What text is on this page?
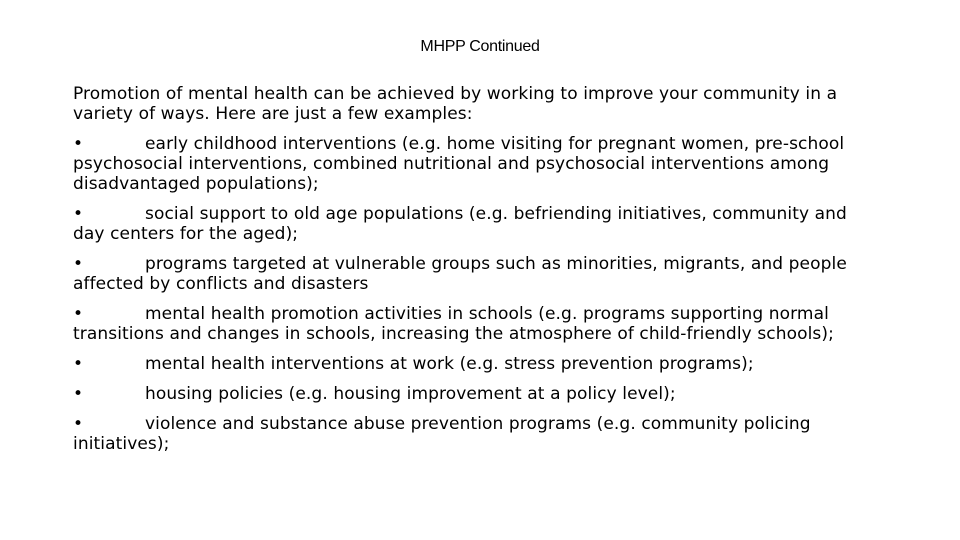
MHPP Continued

Promotion of mental health can be achieved by working to improve your community in a variety of ways. Here are just a few examples:

•	early childhood interventions (e.g. home visiting for pregnant women, pre-school psychosocial interventions, combined nutritional and psychosocial interventions among disadvantaged populations);

•	social support to old age populations (e.g. befriending initiatives, community and day centers for the aged);

•	programs targeted at vulnerable groups such as minorities, migrants, and people affected by conflicts and disasters

•	mental health promotion activities in schools (e.g. programs supporting normal transitions and changes in schools, increasing the atmosphere of child-friendly schools);

•	mental health interventions at work (e.g. stress prevention programs);

•	housing policies (e.g. housing improvement at a policy level);

•	violence and substance abuse prevention programs (e.g. community policing initiatives);
